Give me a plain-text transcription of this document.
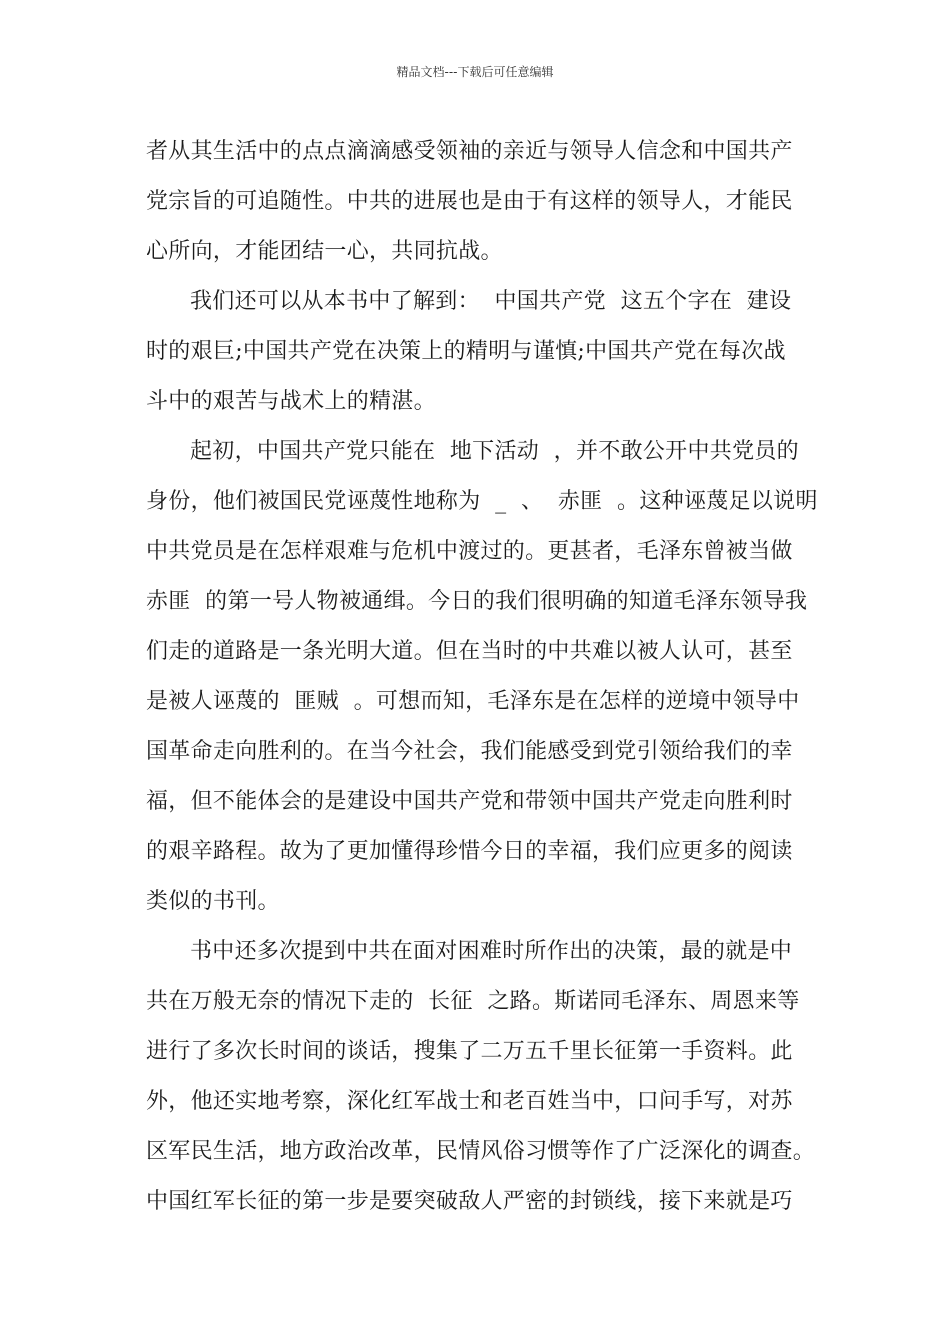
精品文档---下载后可任意编辑
者从其生活中的点点滴滴感受领袖的亲近与领导人信念和中国共产
党宗旨的可追随性。中共的进展也是由于有这样的领导人，才能民
心所向，才能团结一心，共同抗战。
我们还可以从本书中了解到：  中国共产党  这五个字在  建设
时的艰巨;中国共产党在决策上的精明与谨慎;中国共产党在每次战
斗中的艰苦与战术上的精湛。
起初，中国共产党只能在  地下活动  ，并不敢公开中共党员的
身份，他们被国民党诬蔑性地称为  _  、  赤匪  。这种诬蔑足以说明
中共党员是在怎样艰难与危机中渡过的。更甚者，毛泽东曾被当做
赤匪  的第一号人物被通缉。今日的我们很明确的知道毛泽东领导我
们走的道路是一条光明大道。但在当时的中共难以被人认可，甚至
是被人诬蔑的  匪贼  。可想而知，毛泽东是在怎样的逆境中领导中
国革命走向胜利的。在当今社会，我们能感受到党引领给我们的幸
福，但不能体会的是建设中国共产党和带领中国共产党走向胜利时
的艰辛路程。故为了更加懂得珍惜今日的幸福，我们应更多的阅读
类似的书刊。
书中还多次提到中共在面对困难时所作出的决策，最的就是中
共在万般无奈的情况下走的  长征  之路。斯诺同毛泽东、周恩来等
进行了多次长时间的谈话，搜集了二万五千里长征第一手资料。此
外，他还实地考察，深化红军战士和老百姓当中，口问手写，对苏
区军民生活，地方政治改革，民情风俗习惯等作了广泛深化的调查。
中国红军长征的第一步是要突破敌人严密的封锁线，接下来就是巧
